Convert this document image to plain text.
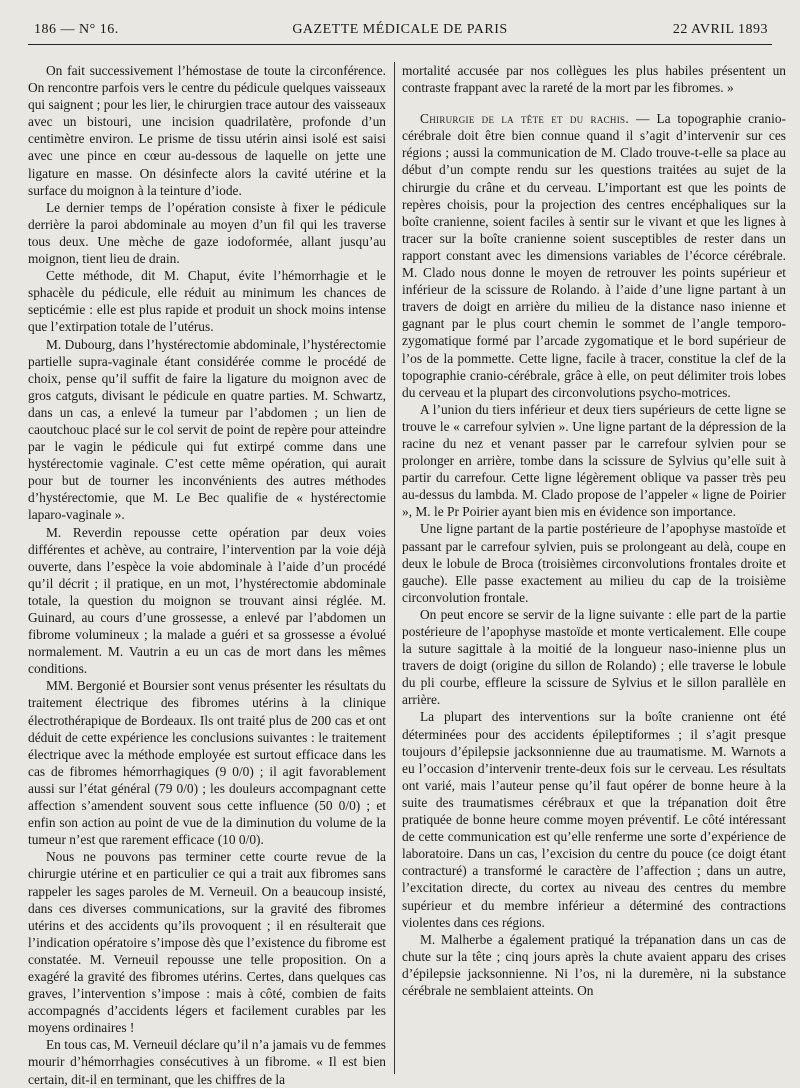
186 — N° 16.	GAZETTE MÉDICALE DE PARIS	22 AVRIL 1893

On fait successivement l’hémostase de toute la circonférence. On rencontre parfois vers le centre du pédicule quelques vaisseaux qui saignent ; pour les lier, le chirurgien trace autour des vaisseaux avec un bistouri, une incision quadrilatère, profonde d’un centimètre environ. Le prisme de tissu utérin ainsi isolé est saisi avec une pince en cœur au-dessous de laquelle on jette une ligature en masse. On désinfecte alors la cavité utérine et la surface du moignon à la teinture d’iode.

Le dernier temps de l’opération consiste à fixer le pédicule derrière la paroi abdominale au moyen d’un fil qui les traverse tous deux. Une mèche de gaze iodoformée, allant jusqu’au moignon, tient lieu de drain.

Cette méthode, dit M. Chaput, évite l’hémorrhagie et le sphacèle du pédicule, elle réduit au minimum les chances de septicémie : elle est plus rapide et produit un shock moins intense que l’extirpation totale de l’utérus.

M. Dubourg, dans l’hystérectomie abdominale, l’hystérectomie partielle supra-vaginale étant considérée comme le procédé de choix, pense qu’il suffit de faire la ligature du moignon avec de gros catguts, divisant le pédicule en quatre parties. M. Schwartz, dans un cas, a enlevé la tumeur par l’abdomen ; un lien de caoutchouc placé sur le col servit de point de repère pour atteindre par le vagin le pédicule qui fut extirpé comme dans une hystérectomie vaginale. C’est cette même opération, qui aurait pour but de tourner les inconvénients des autres méthodes d’hystérectomie, que M. Le Bec qualifie de « hystérectomie laparo-vaginale ».

M. Reverdin repousse cette opération par deux voies différentes et achève, au contraire, l’intervention par la voie déjà ouverte, dans l’espèce la voie abdominale à l’aide d’un procédé qu’il décrit ; il pratique, en un mot, l’hystérectomie abdominale totale, la question du moignon se trouvant ainsi réglée. M. Guinard, au cours d’une grossesse, a enlevé par l’abdomen un fibrome volumineux ; la malade a guéri et sa grossesse a évolué normalement. M. Vautrin a eu un cas de mort dans les mêmes conditions.

MM. Bergonié et Boursier sont venus présenter les résultats du traitement électrique des fibromes utérins à la clinique électrothérapique de Bordeaux. Ils ont traité plus de 200 cas et ont déduit de cette expérience les conclusions suivantes : le traitement électrique avec la méthode employée est surtout efficace dans les cas de fibromes hémorrhagiques (9 0/0) ; il agit favorablement aussi sur l’état général (79 0/0) ; les douleurs accompagnant cette affection s’amendent souvent sous cette influence (50 0/0) ; et enfin son action au point de vue de la diminution du volume de la tumeur n’est que rarement efficace (10 0/0).

Nous ne pouvons pas terminer cette courte revue de la chirurgie utérine et en particulier ce qui a trait aux fibromes sans rappeler les sages paroles de M. Verneuil. On a beaucoup insisté, dans ces diverses communications, sur la gravité des fibromes utérins et des accidents qu’ils provoquent ; il en résulterait que l’indication opératoire s’impose dès que l’existence du fibrome est constatée. M. Verneuil repousse une telle proposition. On a exagéré la gravité des fibromes utérins. Certes, dans quelques cas graves, l’intervention s’impose : mais à côté, combien de faits accompagnés d’accidents légers et facilement curables par les moyens ordinaires !

En tous cas, M. Verneuil déclare qu’il n’a jamais vu de femmes mourir d’hémorrhagies consécutives à un fibrome. « Il est bien certain, dit-il en terminant, que les chiffres de la

mortalité accusée par nos collègues les plus habiles présentent un contraste frappant avec la rareté de la mort par les fibromes. »

Chirurgie de la tête et du rachis. — La topographie cranio-cérébrale doit être bien connue quand il s’agit d’intervenir sur ces régions ; aussi la communication de M. Clado trouve-t-elle sa place au début d’un compte rendu sur les questions traitées au sujet de la chirurgie du crâne et du cerveau. L’important est que les points de repères choisis, pour la projection des centres encéphaliques sur la boîte cranienne, soient faciles à sentir sur le vivant et que les lignes à tracer sur la boîte cranienne soient susceptibles de rester dans un rapport constant avec les dimensions variables de l’écorce cérébrale. M. Clado nous donne le moyen de retrouver les points supérieur et inférieur de la scissure de Rolando. à l’aide d’une ligne partant à un travers de doigt en arrière du milieu de la distance naso inienne et gagnant par le plus court chemin le sommet de l’angle temporo-zygomatique formé par l’arcade zygomatique et le bord supérieur de l’os de la pommette. Cette ligne, facile à tracer, constitue la clef de la topographie cranio-cérébrale, grâce à elle, on peut délimiter trois lobes du cerveau et la plupart des circonvolutions psycho-motrices.

A l’union du tiers inférieur et deux tiers supérieurs de cette ligne se trouve le « carrefour sylvien ». Une ligne partant de la dépression de la racine du nez et venant passer par le carrefour sylvien pour se prolonger en arrière, tombe dans la scissure de Sylvius qu’elle suit à partir du carrefour. Cette ligne légèrement oblique va passer très peu au-dessus du lambda. M. Clado propose de l’appeler « ligne de Poirier », M. le Pr Poirier ayant bien mis en évidence son importance.

Une ligne partant de la partie postérieure de l’apophyse mastoïde et passant par le carrefour sylvien, puis se prolongeant au delà, coupe en deux le lobule de Broca (troisièmes circonvolutions frontales droite et gauche). Elle passe exactement au milieu du cap de la troisième circonvolution frontale.

On peut encore se servir de la ligne suivante : elle part de la partie postérieure de l’apophyse mastoïde et monte verticalement. Elle coupe la suture sagittale à la moitié de la longueur naso-inienne plus un travers de doigt (origine du sillon de Rolando) ; elle traverse le lobule du pli courbe, effleure la scissure de Sylvius et le sillon parallèle en arrière.

La plupart des interventions sur la boîte cranienne ont été déterminées pour des accidents épileptiformes ; il s’agit presque toujours d’épilepsie jacksonnienne due au traumatisme. M. Warnots a eu l’occasion d’intervenir trente-deux fois sur le cerveau. Les résultats ont varié, mais l’auteur pense qu’il faut opérer de bonne heure à la suite des traumatismes cérébraux et que la trépanation doit être pratiquée de bonne heure comme moyen préventif. Le côté intéressant de cette communication est qu’elle renferme une sorte d’expérience de laboratoire. Dans un cas, l’excision du centre du pouce (ce doigt étant contracturé) a transformé le caractère de l’affection ; dans un autre, l’excitation directe, du cortex au niveau des centres du membre supérieur et du membre inférieur a déterminé des contractions violentes dans ces régions.

M. Malherbe a également pratiqué la trépanation dans un cas de chute sur la tête ; cinq jours après la chute avaient apparu des crises d’épilepsie jacksonnienne. Ni l’os, ni la duremère, ni la substance cérébrale ne semblaient atteints. On
